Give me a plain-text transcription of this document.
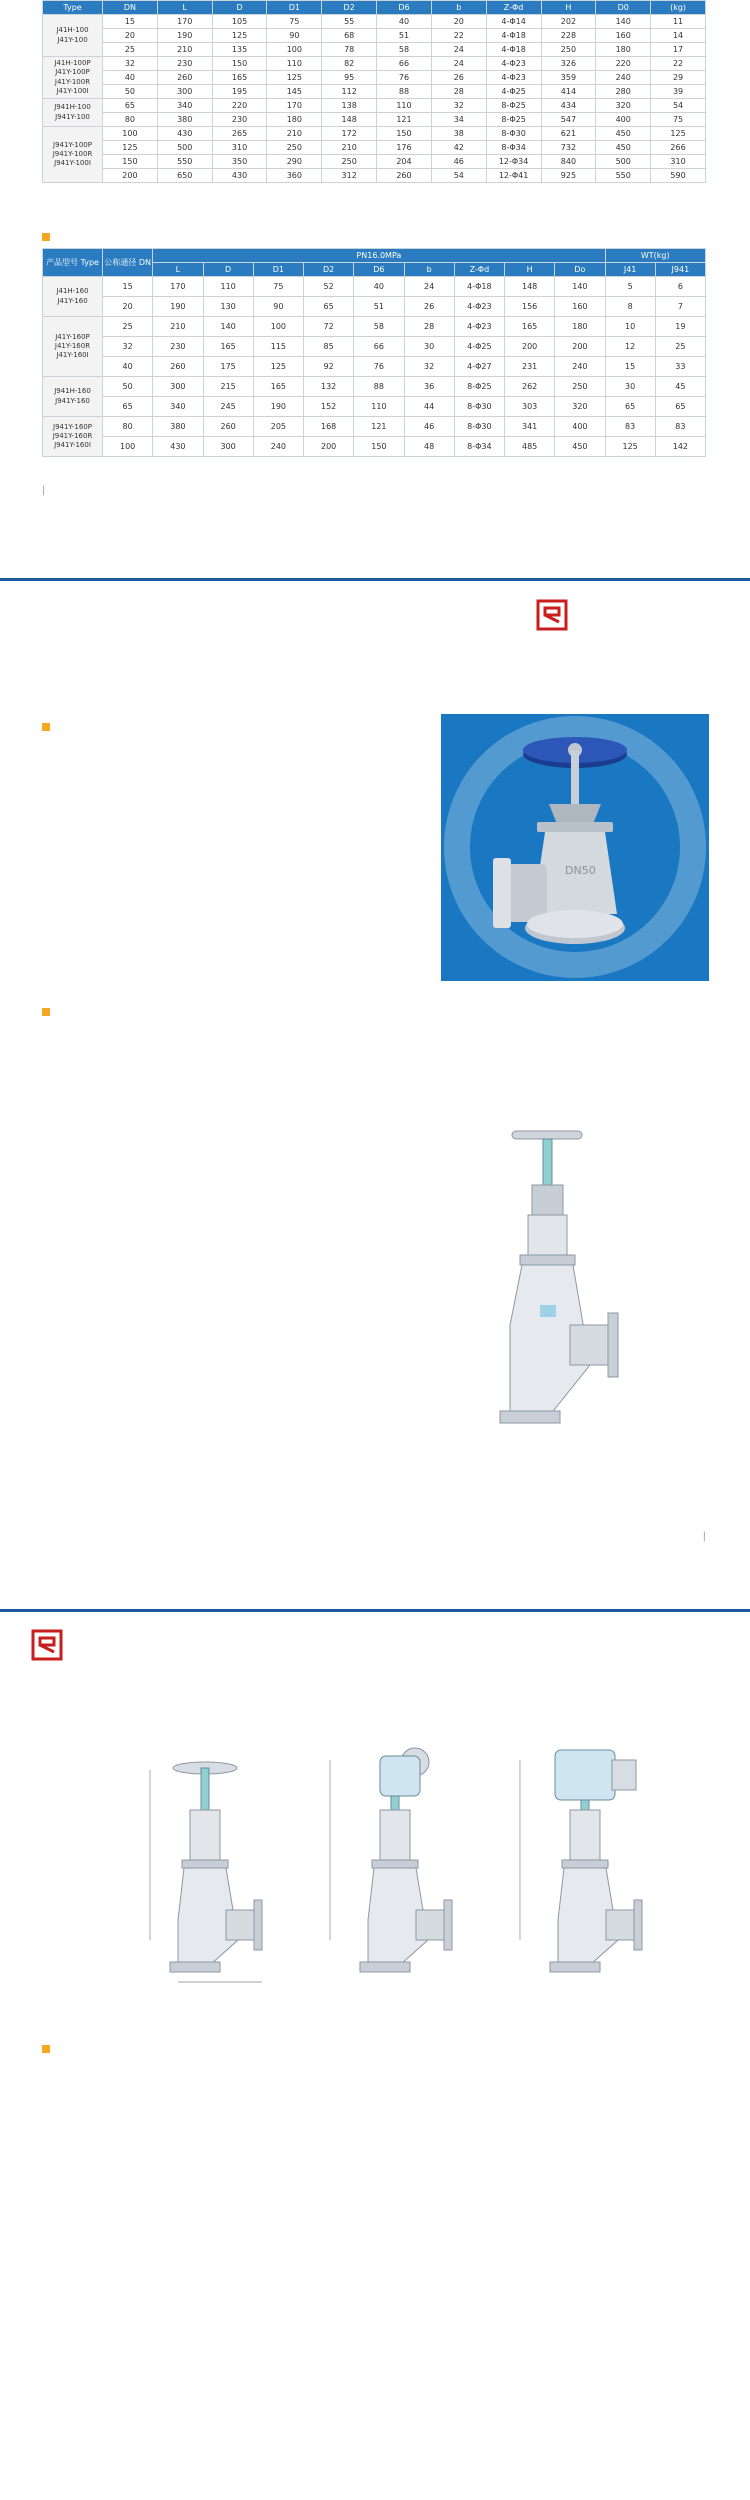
Type	DN	L	D	D1	D2	D6	b	Z-Φd	H	D0	(kg)
J41H-100
J41Y-100	15	170	105	75	55	40	20	4-Φ14	202	140	11
	20	190	125	90	68	51	22	4-Φ18	228	160	14
	25	210	135	100	78	58	24	4-Φ18	250	180	17
J41H-100P
J41Y-100P
J41Y-100R
J41Y-100I	32	230	150	110	82	66	24	4-Φ23	326	220	22
	40	260	165	125	95	76	26	4-Φ23	359	240	29
	50	300	195	145	112	88	28	4-Φ25	414	280	39
J941H-100
J941Y-100	65	340	220	170	138	110	32	8-Φ25	434	320	54
	80	380	230	180	148	121	34	8-Φ25	547	400	75
J941Y-100P
J941Y-100R
J941Y-100I	100	430	265	210	172	150	38	8-Φ30	621	450	125
	125	500	310	250	210	176	42	8-Φ34	732	450	266
	150	550	350	290	250	204	46	12-Φ34	840	500	310
	200	650	430	360	312	260	54	12-Φ41	925	550	590
产品型号 Type	公称通径 DN	PN16.0MPa									WT(kg)	
		L	D	D1	D2	D6	b	Z-Φd	H	Do	J41	J941
J41H-160
J41Y-160	15	170	110	75	52	40	24	4-Φ18	148	140	5	6
	20	190	130	90	65	51	26	4-Φ23	156	160	8	7
J41Y-160P
J41Y-160R
J41Y-160I	25	210	140	100	72	58	28	4-Φ23	165	180	10	19
	32	230	165	115	85	66	30	4-Φ25	200	200	12	25
	40	260	175	125	92	76	32	4-Φ27	231	240	15	33
J941H-160
J941Y-160	50	300	215	165	132	88	36	8-Φ25	262	250	30	45
	65	340	245	190	152	110	44	8-Φ30	303	320	65	65
J941Y-160P
J941Y-160R
J941Y-160I	80	380	260	205	168	121	46	8-Φ30	341	400	83	83
	100	430	300	240	200	150	48	8-Φ34	485	450	125	142
|
DN50
|
